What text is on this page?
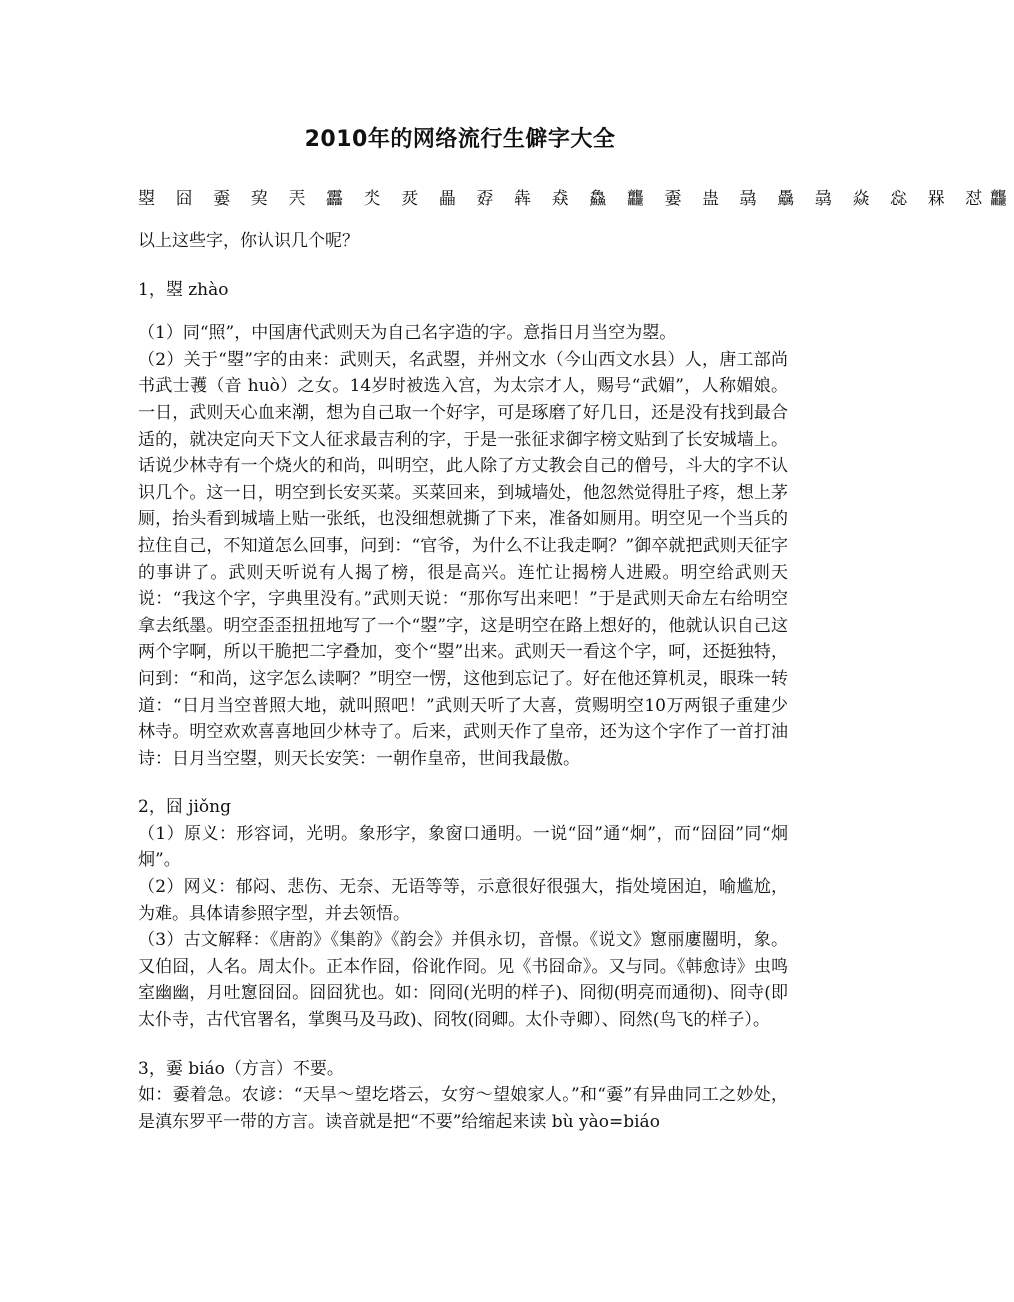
2010年的网络流行生僻字大全
曌 囧 嫑 巭 兲 靐 氼 烎 畾 孬 犇 猋 鱻 龘 嫑 蛊 骉 驫 骉 焱 惢 槑 怼龘

以上这些字，你认识几个呢？

1，曌 zhào

（1）同“照”，中国唐代武则天为自己名字造的字。意指日月当空为曌。

（2）关于“曌”字的由来：武则天，名武曌，并州文水（今山西文水县）人，唐工部尚书武士彟（音 huò）之女。14岁时被选入宫，为太宗才人，赐号“武媚”，人称媚娘。一日，武则天心血来潮，想为自己取一个好字，可是琢磨了好几日，还是没有找到最合适的，就决定向天下文人征求最吉利的字，于是一张征求御字榜文贴到了长安城墙上。话说少林寺有一个烧火的和尚，叫明空，此人除了方丈教会自己的僧号，斗大的字不认识几个。这一日，明空到长安买菜。买菜回来，到城墙处，他忽然觉得肚子疼，想上茅厕，抬头看到城墙上贴一张纸，也没细想就撕了下来，准备如厕用。明空见一个当兵的拉住自己，不知道怎么回事，问到：“官爷，为什么不让我走啊？”御卒就把武则天征字的事讲了。武则天听说有人揭了榜，很是高兴。连忙让揭榜人进殿。明空给武则天说：“我这个字，字典里没有。”武则天说：“那你写出来吧！”于是武则天命左右给明空拿去纸墨。明空歪歪扭扭地写了一个“曌”字，这是明空在路上想好的，他就认识自己这两个字啊，所以干脆把二字叠加，变个“曌”出来。武则天一看这个字，呵，还挺独特，问到：“和尚，这字怎么读啊？”明空一愣，这他到忘记了。好在他还算机灵，眼珠一转道：“日月当空普照大地，就叫照吧！”武则天听了大喜，赏赐明空10万两银子重建少林寺。明空欢欢喜喜地回少林寺了。后来，武则天作了皇帝，还为这个字作了一首打油诗：日月当空曌，则天长安笑：一朝作皇帝，世间我最傲。

2，囧 jiǒng

（1）原义：形容词，光明。象形字，象窗口通明。一说“囧”通“炯”，而“囧囧”同“炯炯”。

（2）网义：郁闷、悲伤、无奈、无语等等，示意很好很强大，指处境困迫，喻尴尬，为难。具体请参照字型，并去领悟。

（3）古文解释：《唐韵》《集韵》《韵会》并俱永切，音憬。《说文》窻丽廔闓明，象。又伯囧，人名。周太仆。正本作囧，俗讹作冏。见《书囧命》。又与同。《韩愈诗》虫鸣室幽幽，月吐窻囧囧。囧囧犹也。如：冏冏(光明的样子)、冏彻(明亮而通彻)、冏寺(即太仆寺，古代官署名，掌舆马及马政)、冏牧(冏卿。太仆寺卿）、冏然(鸟飞的样子）。

3，嫑 biáo（方言）不要。

如：嫑着急。农谚：“天旱～望圪塔云，女穷～望娘家人。”和“嫑”有异曲同工之妙处，是滇东罗平一带的方言。读音就是把“不要”给缩起来读 bù yào=biáo
